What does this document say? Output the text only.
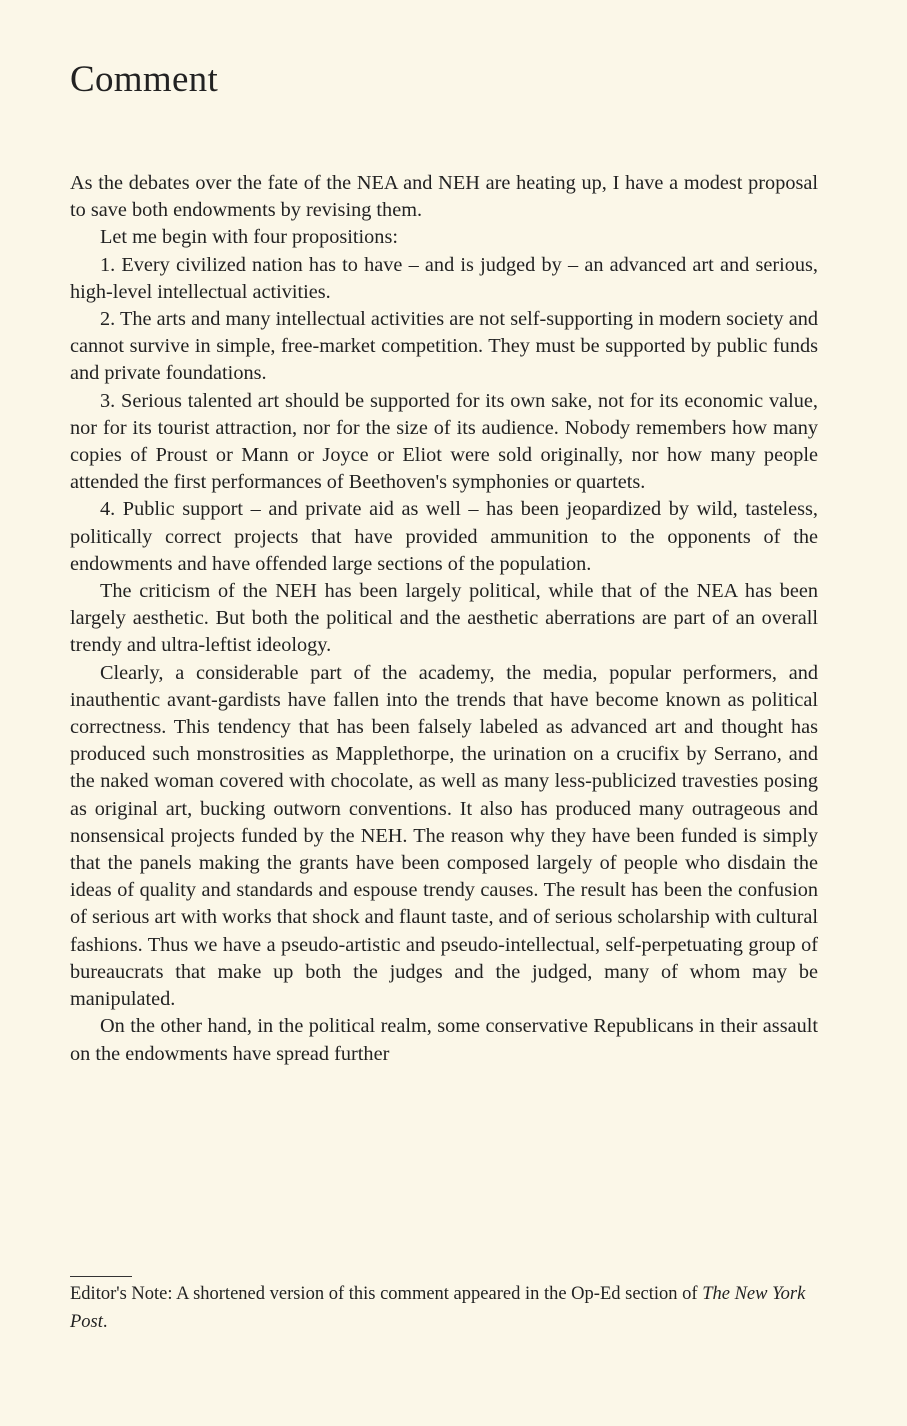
Comment

As the debates over the fate of the NEA and NEH are heating up, I have a modest proposal to save both endowments by revising them.

Let me begin with four propositions:

1. Every civilized nation has to have – and is judged by – an advanced art and serious, high-level intellectual activities.

2. The arts and many intellectual activities are not self-supporting in modern society and cannot survive in simple, free-market competition. They must be supported by public funds and private foundations.

3. Serious talented art should be supported for its own sake, not for its economic value, nor for its tourist attraction, nor for the size of its audience. Nobody remembers how many copies of Proust or Mann or Joyce or Eliot were sold originally, nor how many people attended the first performances of Beethoven's symphonies or quartets.

4. Public support – and private aid as well – has been jeopardized by wild, tasteless, politically correct projects that have provided ammunition to the opponents of the endowments and have offended large sections of the population.

The criticism of the NEH has been largely political, while that of the NEA has been largely aesthetic. But both the political and the aesthetic aberrations are part of an overall trendy and ultra-leftist ideology.

Clearly, a considerable part of the academy, the media, popular performers, and inauthentic avant-gardists have fallen into the trends that have become known as political correctness. This tendency that has been falsely labeled as advanced art and thought has produced such monstrosities as Mapplethorpe, the urination on a crucifix by Serrano, and the naked woman covered with chocolate, as well as many less-publicized travesties posing as original art, bucking outworn conventions. It also has produced many outrageous and nonsensical projects funded by the NEH. The reason why they have been funded is simply that the panels making the grants have been composed largely of people who disdain the ideas of quality and standards and espouse trendy causes. The result has been the confusion of serious art with works that shock and flaunt taste, and of serious scholarship with cultural fashions. Thus we have a pseudo-artistic and pseudo-intellectual, self-perpetuating group of bureaucrats that make up both the judges and the judged, many of whom may be manipulated.

On the other hand, in the political realm, some conservative Republicans in their assault on the endowments have spread further

Editor's Note: A shortened version of this comment appeared in the Op-Ed section of The New York Post.
